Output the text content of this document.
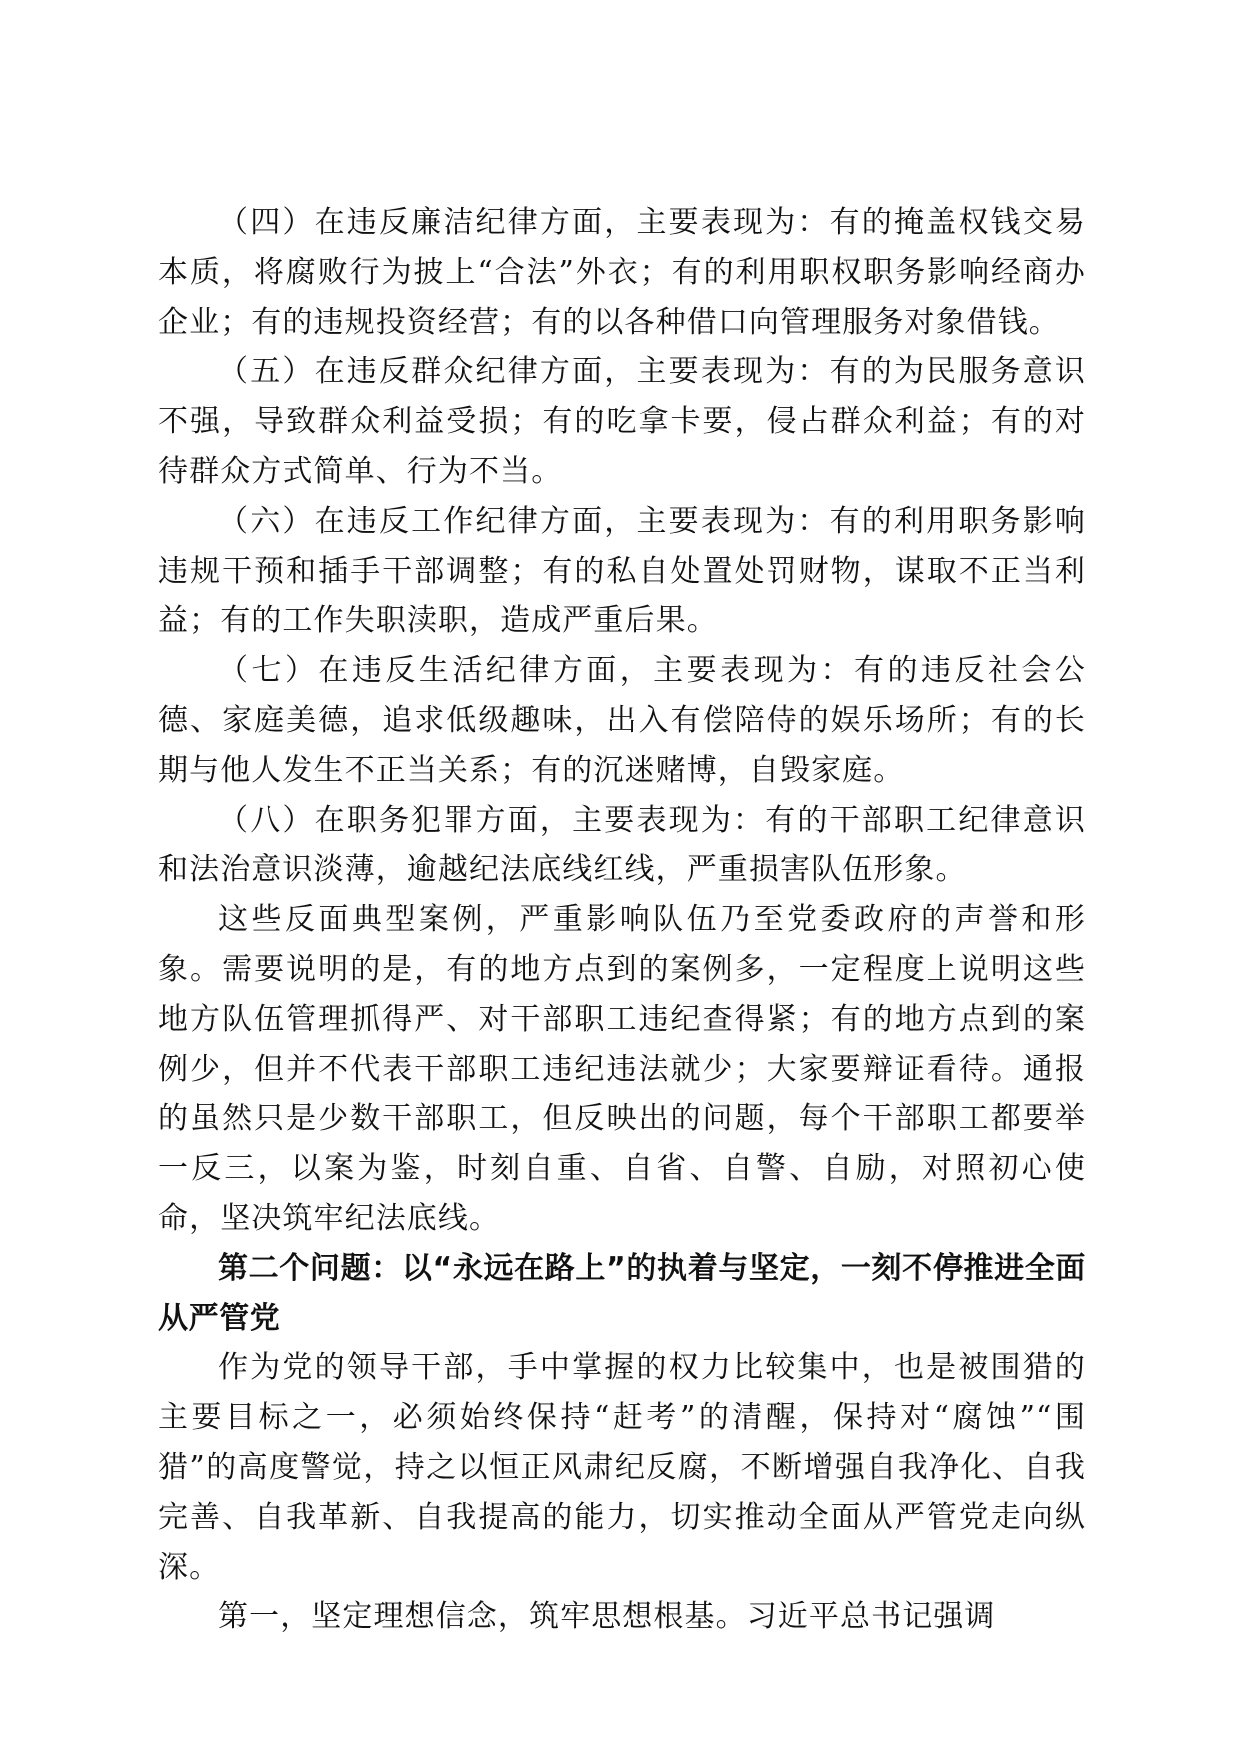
（四）在违反廉洁纪律方面，主要表现为：有的掩盖权钱交易本质，将腐败行为披上“合法”外衣；有的利用职权职务影响经商办企业；有的违规投资经营；有的以各种借口向管理服务对象借钱。

（五）在违反群众纪律方面，主要表现为：有的为民服务意识不强，导致群众利益受损；有的吃拿卡要，侵占群众利益；有的对待群众方式简单、行为不当。

（六）在违反工作纪律方面，主要表现为：有的利用职务影响违规干预和插手干部调整；有的私自处置处罚财物，谋取不正当利益；有的工作失职渎职，造成严重后果。

（七）在违反生活纪律方面，主要表现为：有的违反社会公德、家庭美德，追求低级趣味，出入有偿陪侍的娱乐场所；有的长期与他人发生不正当关系；有的沉迷赌博，自毁家庭。

（八）在职务犯罪方面，主要表现为：有的干部职工纪律意识和法治意识淡薄，逾越纪法底线红线，严重损害队伍形象。

这些反面典型案例，严重影响队伍乃至党委政府的声誉和形象。需要说明的是，有的地方点到的案例多，一定程度上说明这些地方队伍管理抓得严、对干部职工违纪查得紧；有的地方点到的案例少，但并不代表干部职工违纪违法就少；大家要辩证看待。通报的虽然只是少数干部职工，但反映出的问题，每个干部职工都要举一反三，以案为鉴，时刻自重、自省、自警、自励，对照初心使命，坚决筑牢纪法底线。

第二个问题：以“永远在路上”的执着与坚定，一刻不停推进全面从严管党

作为党的领导干部，手中掌握的权力比较集中，也是被围猎的主要目标之一，必须始终保持“赶考”的清醒，保持对“腐蚀”“围猎”的高度警觉，持之以恒正风肃纪反腐，不断增强自我净化、自我完善、自我革新、自我提高的能力，切实推动全面从严管党走向纵深。

第一，坚定理想信念，筑牢思想根基。习近平总书记强调
